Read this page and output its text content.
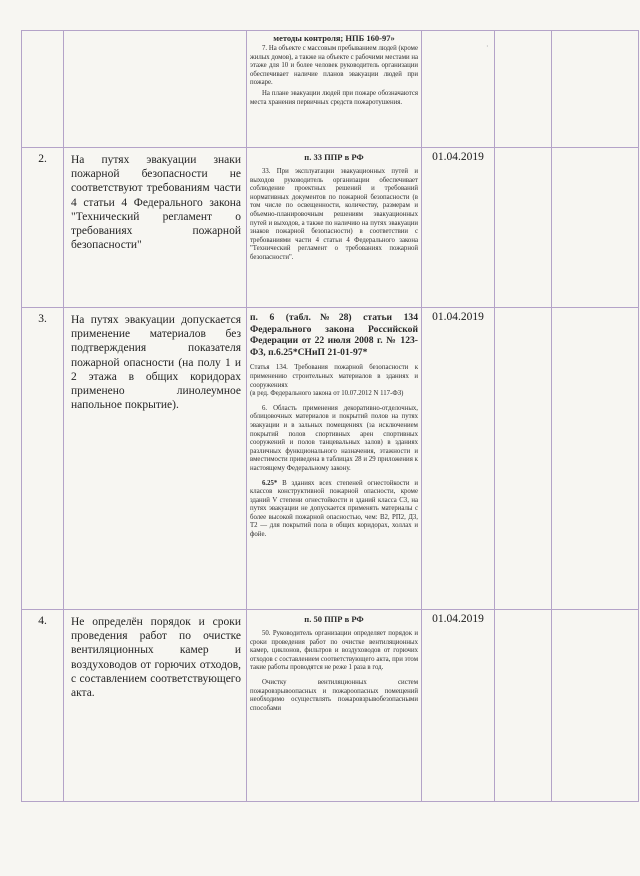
		методы контроля; НПБ 160-97»
7. На объекте с массовым пребыванием людей (кроме жилых домов), а также на объекте с рабочими местами на этаже для 10 и более человек руководитель организации обеспечивает наличие планов эвакуации людей при пожаре.
На плане эвакуации людей при пожаре обозначаются места хранения первичных средств пожаротушения.			

2.	На путях эвакуации знаки пожарной безопасности не соответствуют требованиям части 4 статьи 4 Федерального закона "Технический регламент о требованиях пожарной безопасности"	п. 33 ППР в РФ
33. При эксплуатации эвакуационных путей и выходов руководитель организации обеспечивает соблюдение проектных решений и требований нормативных документов по пожарной безопасности (в том числе по освещенности, количеству, размерам и объемно-планировочным решениям эвакуационных путей и выходов, а также по наличию на путях эвакуации знаков пожарной безопасности) в соответствии с требованиями части 4 статьи 4 Федерального закона "Технический регламент о требованиях пожарной безопасности".	01.04.2019		

3.	На путях эвакуации допускается применение материалов без подтверждения показателя пожарной опасности (на полу 1 и 2 этажа в общих коридорах применено линолеумное напольное покрытие).	п. 6 (табл.№28) статьи 134 Федерального закона Российской Федерации от 22 июля 2008 г. № 123-ФЗ, п.6.25*СНиП 21-01-97*
Статья 134. Требования пожарной безопасности к применению строительных материалов в зданиях и сооружениях
(в ред. Федерального закона от 10.07.2012 N 117-ФЗ)
6. Область применения декоративно-отделочных, облицовочных материалов и покрытий полов на путях эвакуации и в зальных помещениях (за исключением покрытий полов спортивных арен спортивных сооружений и полов танцевальных залов) в зданиях различных функционального назначения, этажности и вместимости приведена в таблицах 28 и 29 приложения к настоящему Федеральному закону.
6.25* В зданиях всех степеней огнестойкости и классов конструктивной пожарной опасности, кроме зданий V степени огнестойкости и зданий класса С3, на путях эвакуации не допускается применять материалы с более высокой пожарной опасностью, чем: В2, РП2, Д3, Т2 — для покрытий пола в общих коридорах, холлах и фойе.	01.04.2019		

4.	Не определён порядок и сроки проведения работ по очистке вентиляционных камер и воздуховодов от горючих отходов, с составлением соответствующего акта.	п. 50 ППР в РФ
50. Руководитель организации определяет порядок и сроки проведения работ по очистке вентиляционных камер, циклонов, фильтров и воздуховодов от горючих отходов с составлением соответствующего акта, при этом такие работы проводятся не реже 1 раза в год.
Очистку вентиляционных систем пожаровзрывоопасных и пожароопасных помещений необходимо осуществлять пожаровзрывобезопасными способами	01.04.2019		

·
